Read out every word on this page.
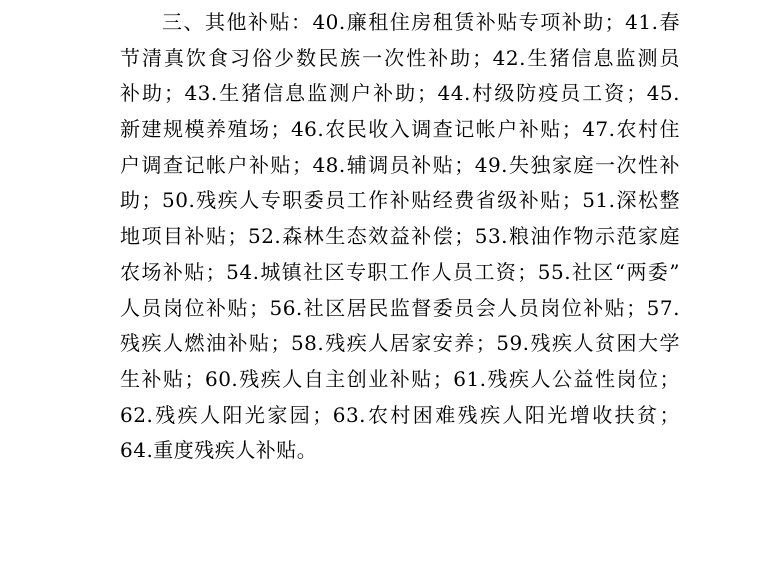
三、其他补贴：40.廉租住房租赁补贴专项补助；41.春
节清真饮食习俗少数民族一次性补助；42.生猪信息监测员
补助；43.生猪信息监测户补助；44.村级防疫员工资；45.
新建规模养殖场；46.农民收入调查记帐户补贴；47.农村住
户调查记帐户补贴；48.辅调员补贴；49.失独家庭一次性补
助；50.残疾人专职委员工作补贴经费省级补贴；51.深松整
地项目补贴；52.森林生态效益补偿；53.粮油作物示范家庭
农场补贴；54.城镇社区专职工作人员工资；55.社区“两委”
人员岗位补贴；56.社区居民监督委员会人员岗位补贴；57.
残疾人燃油补贴；58.残疾人居家安养；59.残疾人贫困大学
生补贴；60.残疾人自主创业补贴；61.残疾人公益性岗位；
62.残疾人阳光家园；63.农村困难残疾人阳光增收扶贫；
64.重度残疾人补贴。
